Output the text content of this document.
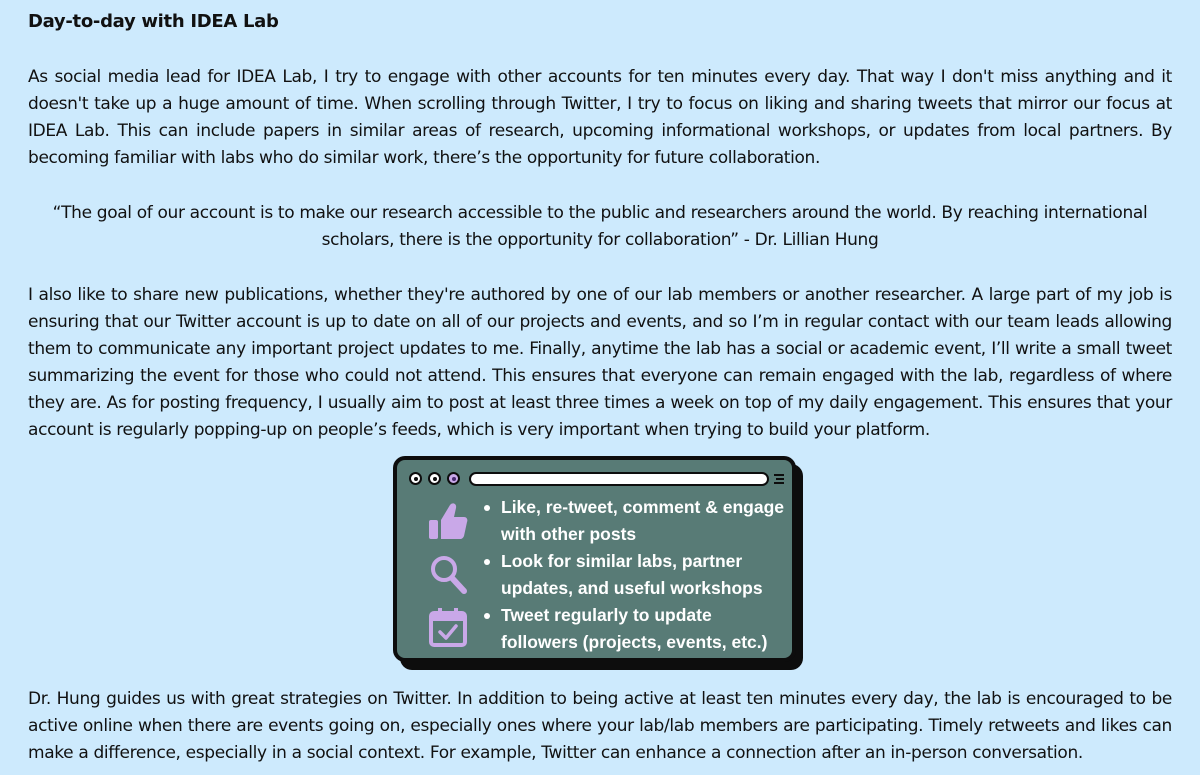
Day-to-day with IDEA Lab

As social media lead for IDEA Lab, I try to engage with other accounts for ten minutes every day. That way I don't miss anything and it doesn't take up a huge amount of time. When scrolling through Twitter, I try to focus on liking and sharing tweets that mirror our focus at IDEA Lab. This can include papers in similar areas of research, upcoming informational workshops, or updates from local partners. By becoming familiar with labs who do similar work, there’s the opportunity for future collaboration.

“The goal of our account is to make our research accessible to the public and researchers around the world. By reaching international scholars, there is the opportunity for collaboration” - Dr. Lillian Hung

I also like to share new publications, whether they're authored by one of our lab members or another researcher. A large part of my job is ensuring that our Twitter account is up to date on all of our projects and events, and so I’m in regular contact with our team leads allowing them to communicate any important project updates to me. Finally, anytime the lab has a social or academic event, I’ll write a small tweet summarizing the event for those who could not attend. This ensures that everyone can remain engaged with the lab, regardless of where they are. As for posting frequency, I usually aim to post at least three times a week on top of my daily engagement. This ensures that your account is regularly popping-up on people’s feeds, which is very important when trying to build your platform.

Like, re-tweet, comment & engage with other posts
Look for similar labs, partner updates, and useful workshops
Tweet regularly to update followers (projects, events, etc.)

Dr. Hung guides us with great strategies on Twitter. In addition to being active at least ten minutes every day, the lab is encouraged to be active online when there are events going on, especially ones where your lab/lab members are participating. Timely retweets and likes can make a difference, especially in a social context. For example, Twitter can enhance a connection after an in-person conversation.
